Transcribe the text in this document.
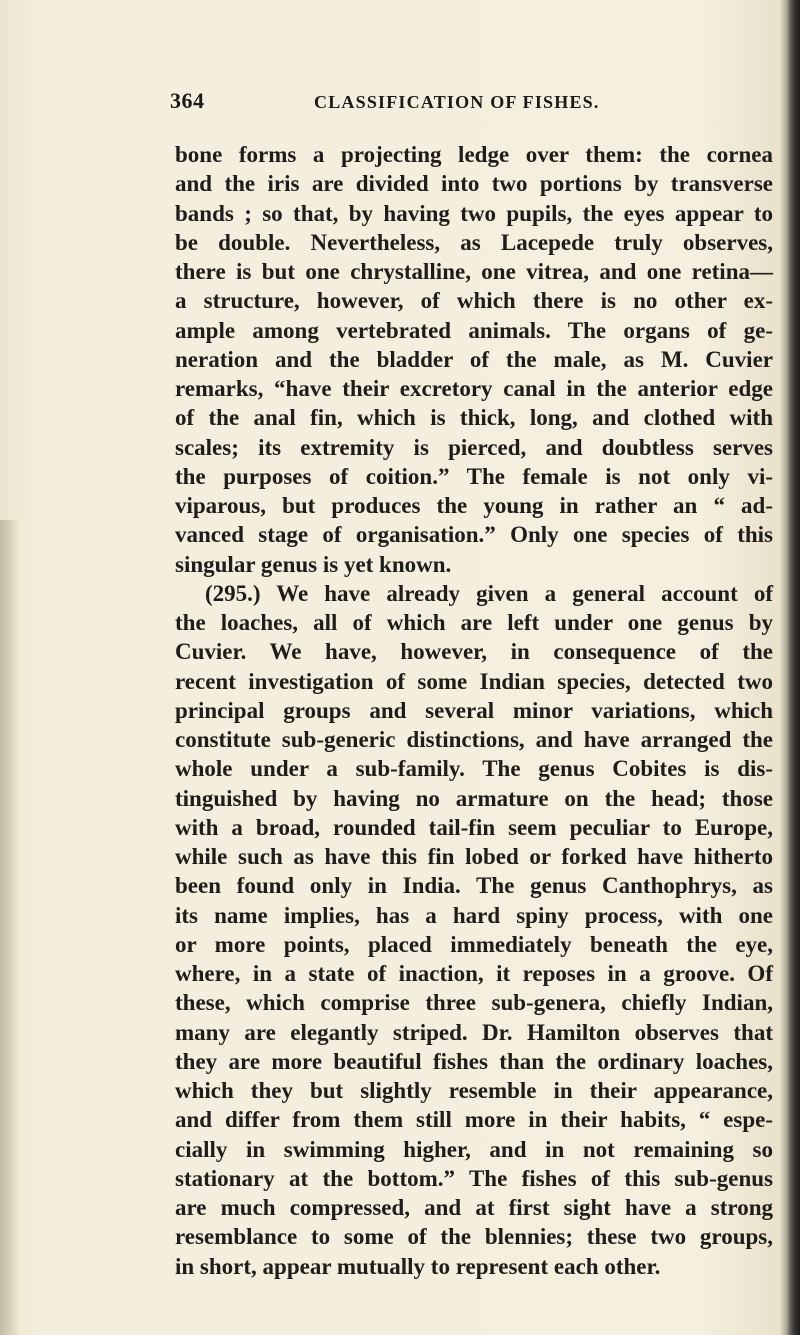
364	CLASSIFICATION OF FISHES.
bone forms a projecting ledge over them: the cornea
and the iris are divided into two portions by transverse
bands ; so that, by having two pupils, the eyes appear to
be double. Nevertheless, as Lacepede truly observes,
there is but one chrystalline, one vitrea, and one retina—
a structure, however, of which there is no other ex-
ample among vertebrated animals. The organs of ge-
neration and the bladder of the male, as M. Cuvier
remarks, “have their excretory canal in the anterior edge
of the anal fin, which is thick, long, and clothed with
scales; its extremity is pierced, and doubtless serves
the purposes of coition.” The female is not only vi-
viparous, but produces the young in rather an “ ad-
vanced stage of organisation.” Only one species of this
singular genus is yet known.
(295.) We have already given a general account of
the loaches, all of which are left under one genus by
Cuvier. We have, however, in consequence of the
recent investigation of some Indian species, detected two
principal groups and several minor variations, which
constitute sub-generic distinctions, and have arranged the
whole under a sub-family. The genus Cobites is dis-
tinguished by having no armature on the head; those
with a broad, rounded tail-fin seem peculiar to Europe,
while such as have this fin lobed or forked have hitherto
been found only in India. The genus Canthophrys, as
its name implies, has a hard spiny process, with one
or more points, placed immediately beneath the eye,
where, in a state of inaction, it reposes in a groove. Of
these, which comprise three sub-genera, chiefly Indian,
many are elegantly striped. Dr. Hamilton observes that
they are more beautiful fishes than the ordinary loaches,
which they but slightly resemble in their appearance,
and differ from them still more in their habits, “ espe-
cially in swimming higher, and in not remaining so
stationary at the bottom.” The fishes of this sub-genus
are much compressed, and at first sight have a strong
resemblance to some of the blennies; these two groups,
in short, appear mutually to represent each other.
